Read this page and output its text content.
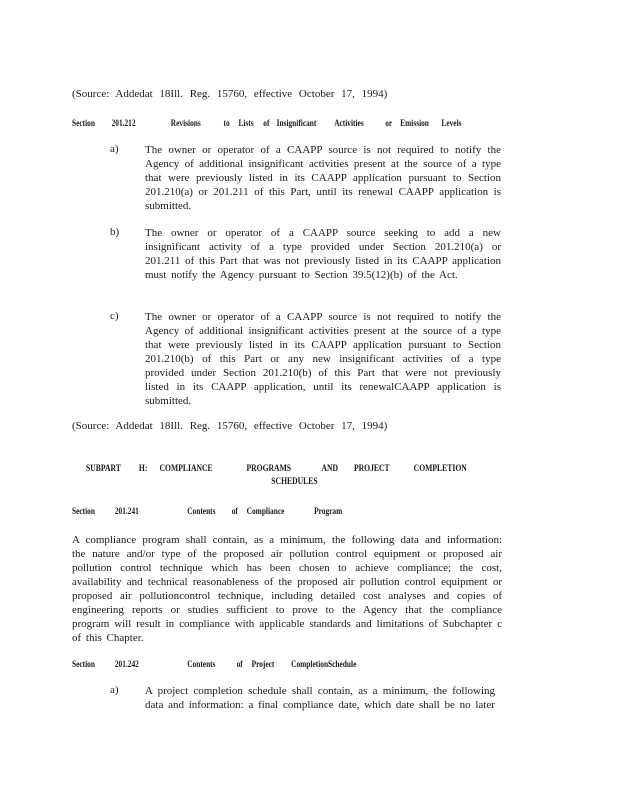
(Source: Addedat 18Ill. Reg. 15760, effective October 17, 1994)
Section 201.212	Revisions	to Lists of Insignificant Activities or Emission Levels
a) The owner or operator of a CAAPP source is not required to notify the Agency of additional insignificant activities present at the source of a type that were previously listed in its CAAPP application pursuant to Section 201.210(a) or 201.211 of this Part, until its renewal CAAPP application is submitted.
b) The owner or operator of a CAAPP source seeking to add a new insignificant activity of a type provided under Section 201.210(a) or 201.211 of this Part that was not previously listed in its CAAPP application must notify the Agency pursuant to Section 39.5(12)(b) of the Act.
c) The owner or operator of a CAAPP source is not required to notify the Agency of additional insignificant activities present at the source of a type that were previously listed in its CAAPP application pursuant to Section 201.210(b) of this Part or any new insignificant activities of a type provided under Section 201.210(b) of this Part that were not previously listed in its CAAPP application, until its renewalCAAPP application is submitted.
(Source: Addedat 18Ill. Reg. 15760, effective October 17, 1994)
SUBPART H: COMPLIANCE	PROGRAMS	AND PROJECT	COMPLETION
SCHEDULES
Section 201.241	Contents of Compliance	Program
A compliance program shall contain, as a minimum, the following data and information: the nature and/or type of the proposed air pollution control equipment or proposed air pollution control technique which has been chosen to achieve compliance; the cost, availability and technical reasonableness of the proposed air pollution control equipment or proposed air pollutioncontrol technique, including detailed cost analyses and copies of engineering reports or studies sufficient to prove to the Agency that the compliance program will result in compliance with applicable standards and limitations of Subchapter c of this Chapter.
Section 201.242	Contents of Project CompletionSchedule
a) A project completion schedule shall contain, as a minimum, the following data and information: a final compliance date, which date shall be no later
